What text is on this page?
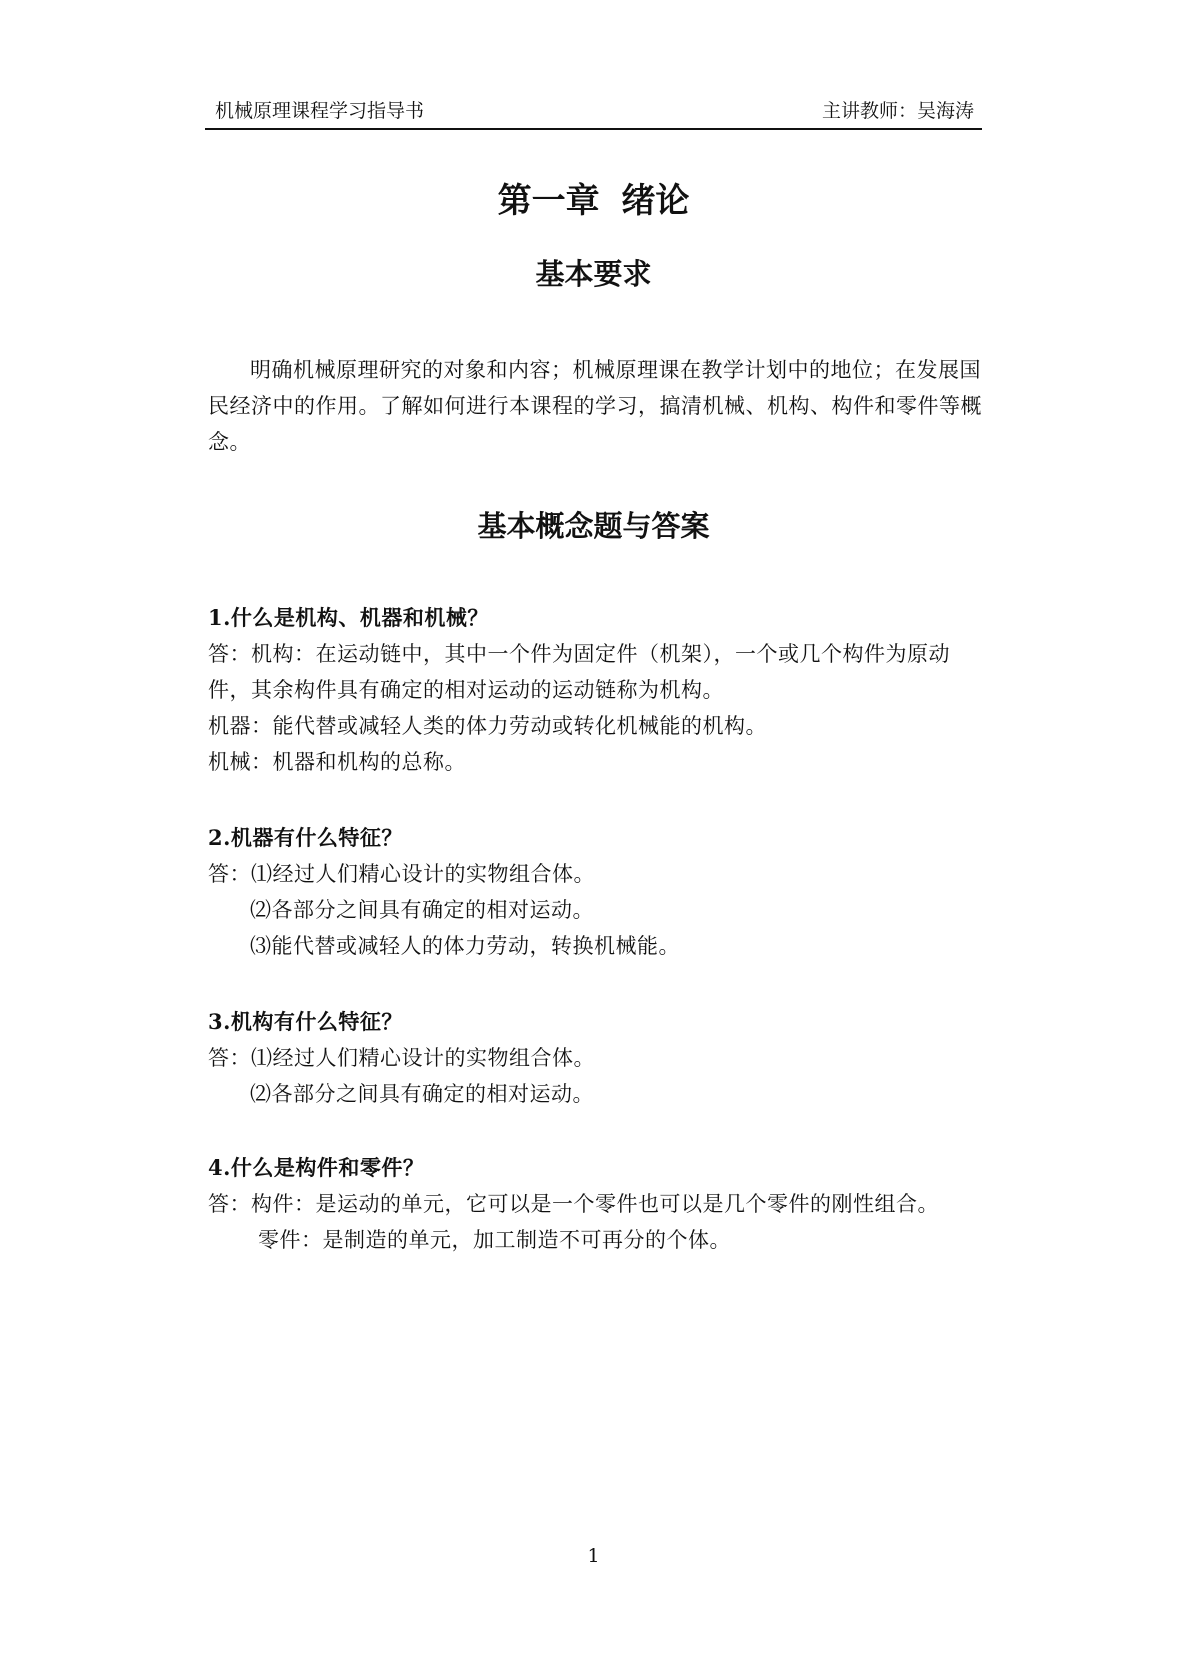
机械原理课程学习指导书	主讲教师：吴海涛
第一章 绪论
基本要求
明确机械原理研究的对象和内容；机械原理课在教学计划中的地位；在发展国民经济中的作用。了解如何进行本课程的学习，搞清机械、机构、构件和零件等概念。
基本概念题与答案

1.什么是机构、机器和机械？

答：机构：在运动链中，其中一个件为固定件（机架），一个或几个构件为原动件，其余构件具有确定的相对运动的运动链称为机构。

机器：能代替或减轻人类的体力劳动或转化机械能的机构。

机械：机器和机构的总称。

2.机器有什么特征？

答：⑴经过人们精心设计的实物组合体。

⑵各部分之间具有确定的相对运动。

⑶能代替或减轻人的体力劳动，转换机械能。

3.机构有什么特征？

答：⑴经过人们精心设计的实物组合体。

⑵各部分之间具有确定的相对运动。

4.什么是构件和零件？

答：构件：是运动的单元，它可以是一个零件也可以是几个零件的刚性组合。

零件：是制造的单元，加工制造不可再分的个体。

1
